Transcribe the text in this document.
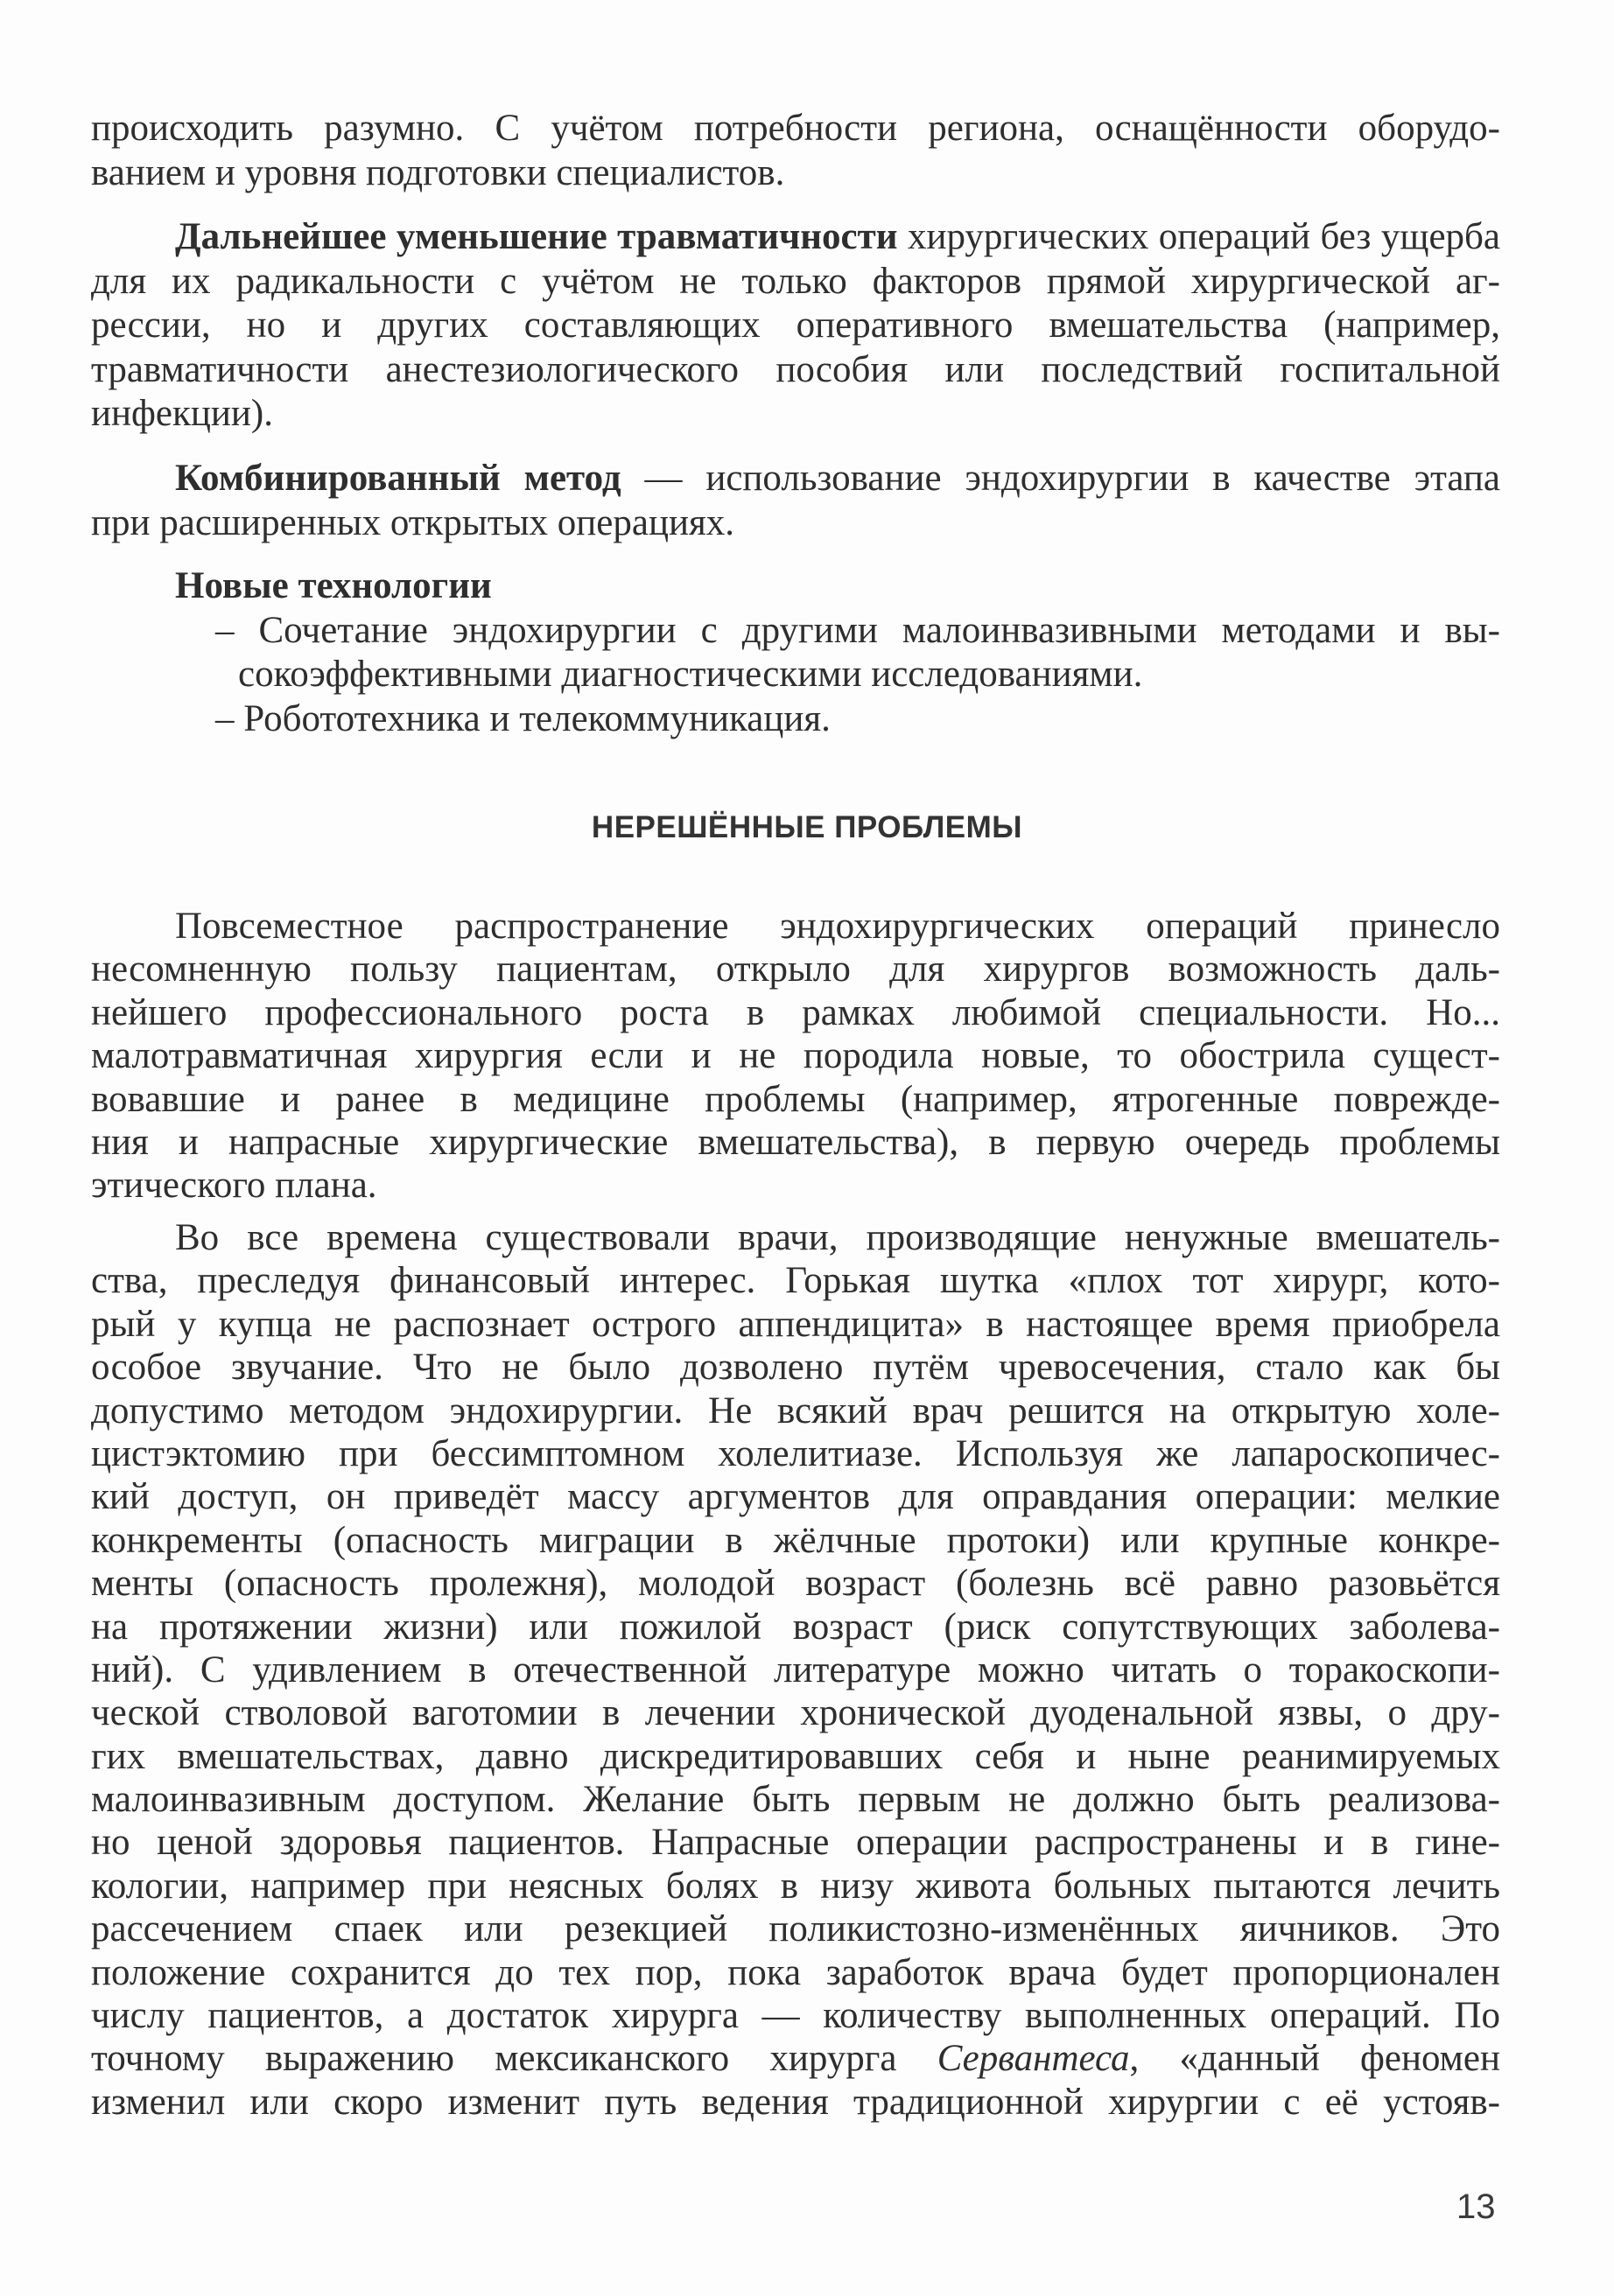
происходить разумно. С учётом потребности региона, оснащённости оборудо-
ванием и уровня подготовки специалистов.
Дальнейшее уменьшение травматичности хирургических операций без ущерба
для их радикальности с учётом не только факторов прямой хирургической аг-
рессии, но и других составляющих оперативного вмешательства (например,
травматичности анестезиологического пособия или последствий госпитальной
инфекции).
Комбинированный метод — использование эндохирургии в качестве этапа
при расширенных открытых операциях.
Новые технологии
– Сочетание эндохирургии с другими малоинвазивными методами и вы-
сокоэффективными диагностическими исследованиями.
– Робототехника и телекоммуникация.
НЕРЕШЁННЫЕ ПРОБЛЕМЫ
Повсеместное распространение эндохирургических операций принесло
несомненную пользу пациентам, открыло для хирургов возможность даль-
нейшего профессионального роста в рамках любимой специальности. Но...
малотравматичная хирургия если и не породила новые, то обострила сущест-
вовавшие и ранее в медицине проблемы (например, ятрогенные поврежде-
ния и напрасные хирургические вмешательства), в первую очередь проблемы
этического плана.
Во все времена существовали врачи, производящие ненужные вмешатель-
ства, преследуя финансовый интерес. Горькая шутка «плох тот хирург, кото-
рый у купца не распознает острого аппендицита» в настоящее время приобрела
особое звучание. Что не было дозволено путём чревосечения, стало как бы
допустимо методом эндохирургии. Не всякий врач решится на открытую холе-
цистэктомию при бессимптомном холелитиазе. Используя же лапароскопичес-
кий доступ, он приведёт массу аргументов для оправдания операции: мелкие
конкременты (опасность миграции в жёлчные протоки) или крупные конкре-
менты (опасность пролежня), молодой возраст (болезнь всё равно разовьётся
на протяжении жизни) или пожилой возраст (риск сопутствующих заболева-
ний). С удивлением в отечественной литературе можно читать о торакоскопи-
ческой стволовой ваготомии в лечении хронической дуоденальной язвы, о дру-
гих вмешательствах, давно дискредитировавших себя и ныне реанимируемых
малоинвазивным доступом. Желание быть первым не должно быть реализова-
но ценой здоровья пациентов. Напрасные операции распространены и в гине-
кологии, например при неясных болях в низу живота больных пытаются лечить
рассечением спаек или резекцией поликистозно-изменённых яичников. Это
положение сохранится до тех пор, пока заработок врача будет пропорционален
числу пациентов, а достаток хирурга — количеству выполненных операций. По
точному выражению мексиканского хирурга Сервантеса, «данный феномен
изменил или скоро изменит путь ведения традиционной хирургии с её устояв-
13
